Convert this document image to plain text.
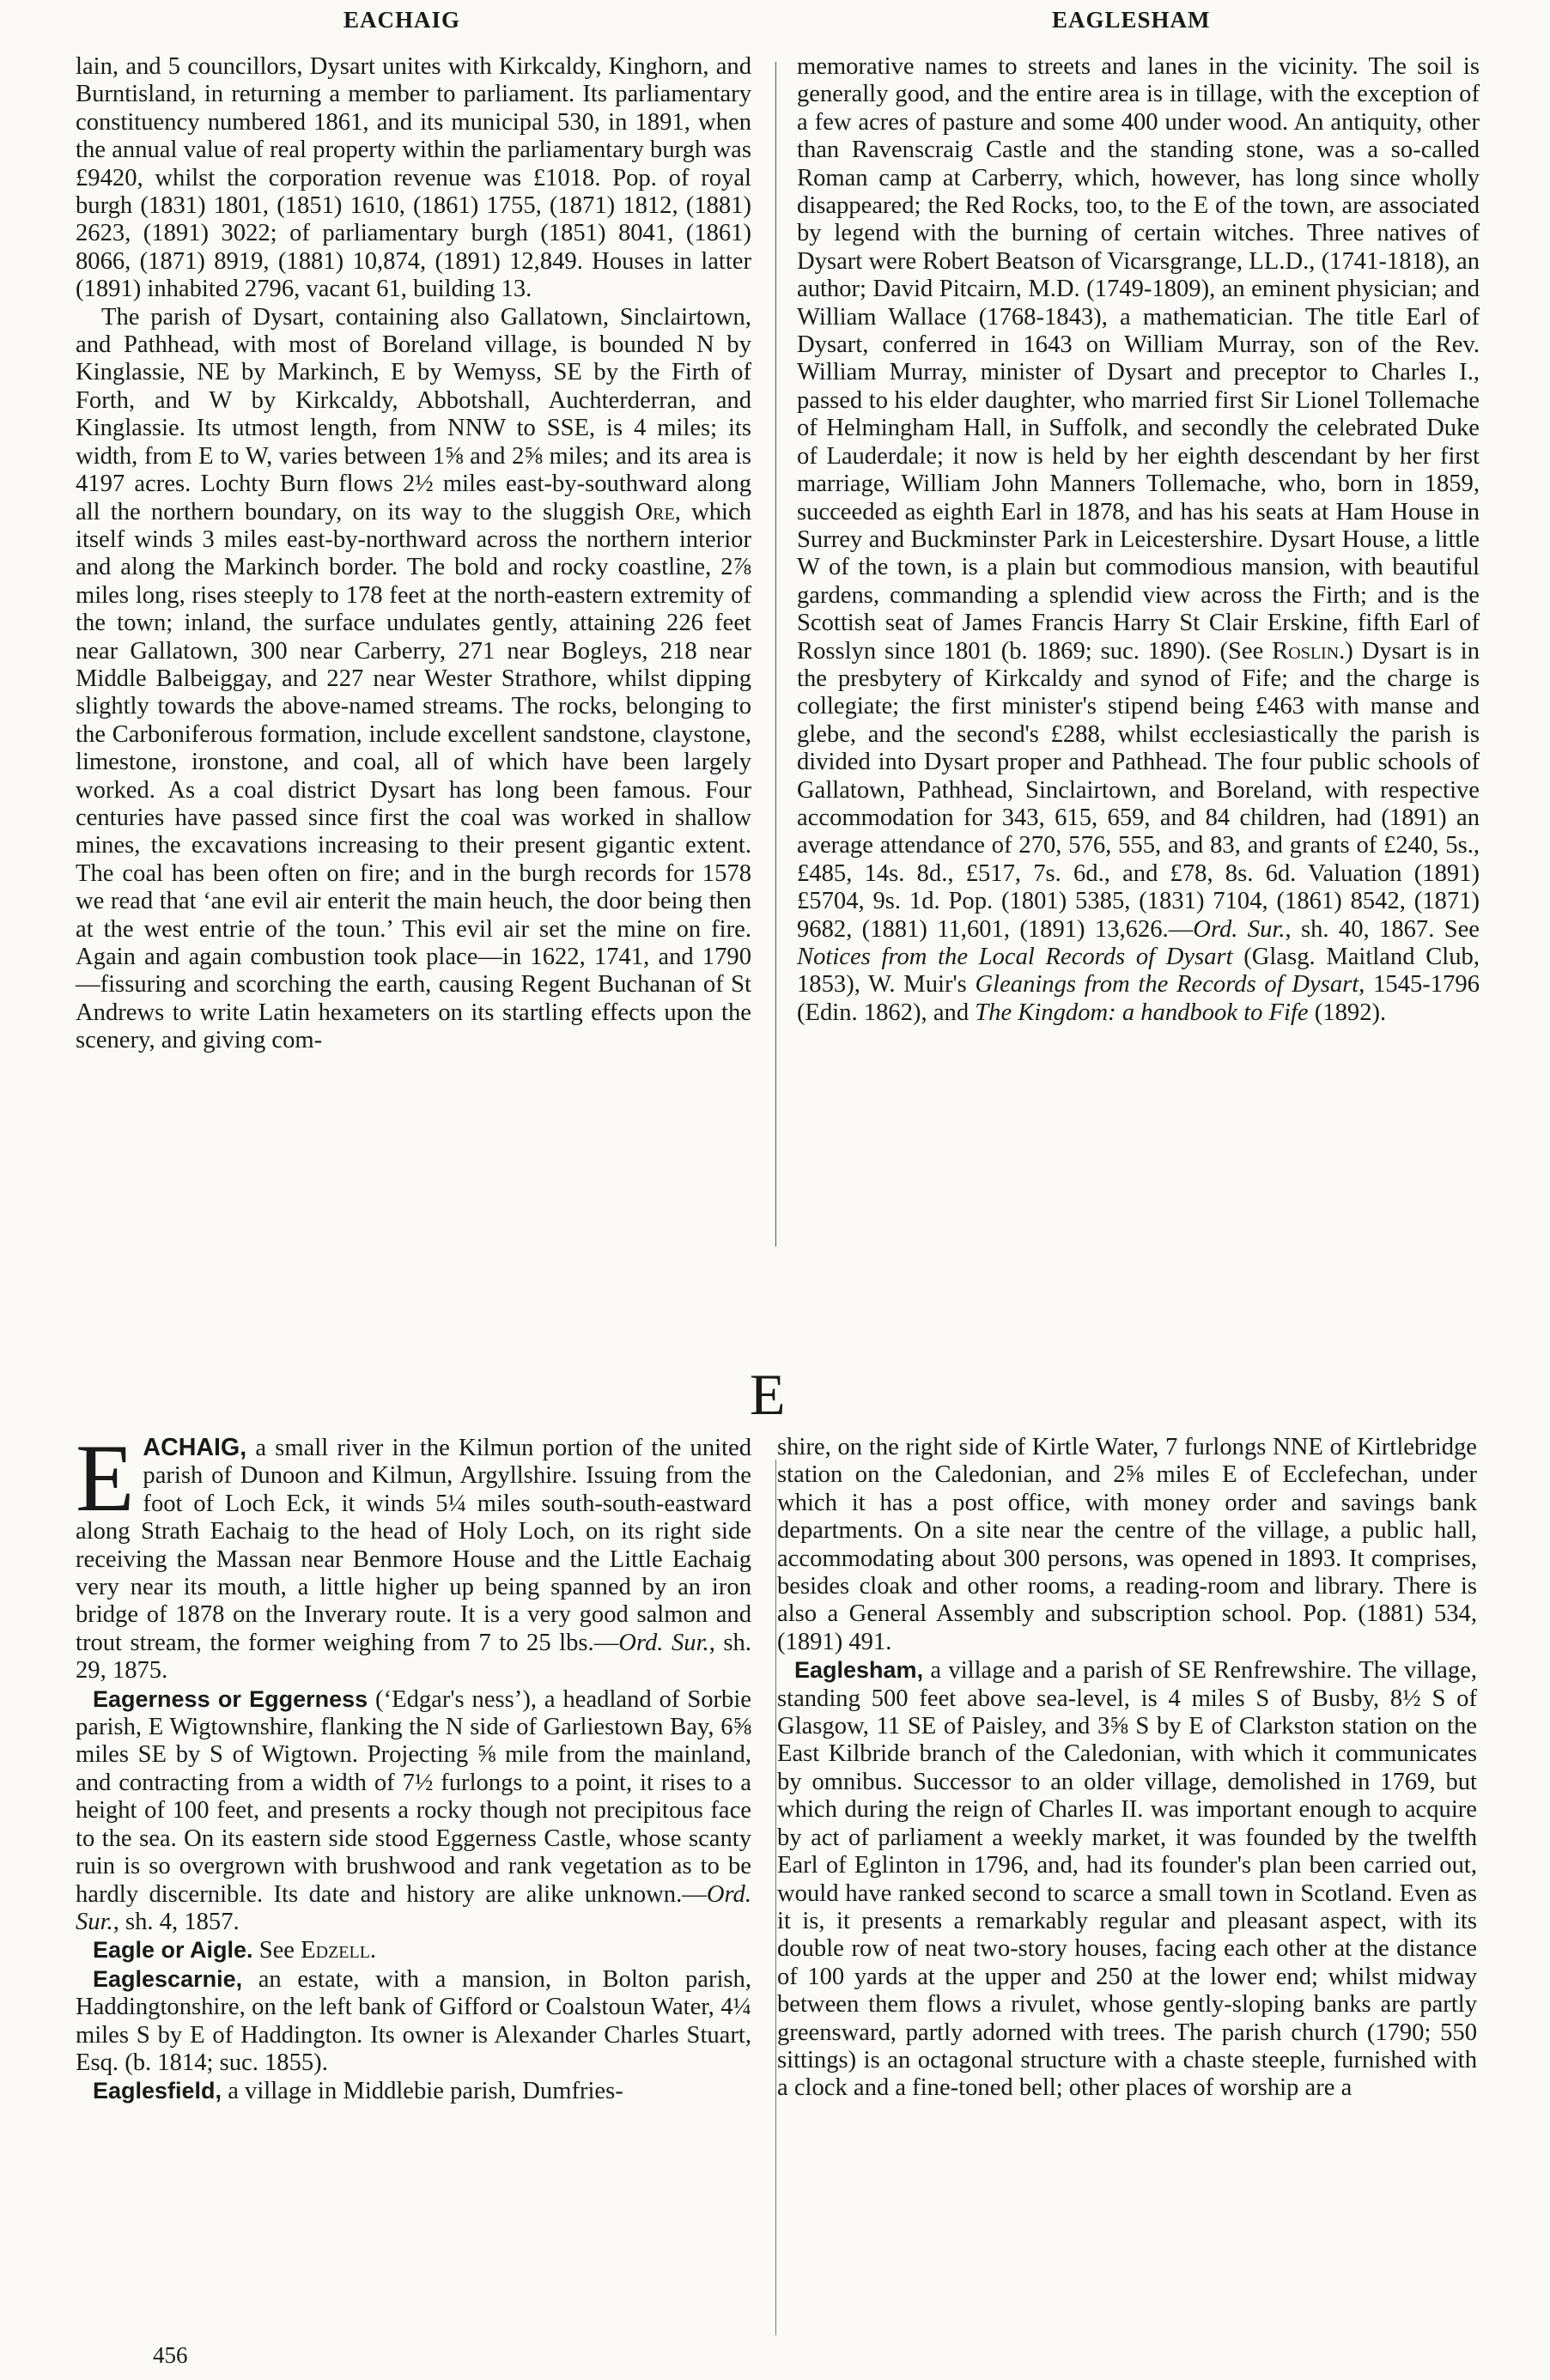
EACHAIG	EAGLESHAM

lain, and 5 councillors, Dysart unites with Kirkcaldy, Kinghorn, and Burntisland, in returning a member to parliament. Its parliamentary constituency numbered 1861, and its municipal 530, in 1891, when the annual value of real property within the parliamentary burgh was £9420, whilst the corporation revenue was £1018. Pop. of royal burgh (1831) 1801, (1851) 1610, (1861) 1755, (1871) 1812, (1881) 2623, (1891) 3022; of parliamentary burgh (1851) 8041, (1861) 8066, (1871) 8919, (1881) 10,874, (1891) 12,849. Houses in latter (1891) inhabited 2796, vacant 61, building 13.

The parish of Dysart, containing also Gallatown, Sinclairtown, and Pathhead, with most of Boreland village, is bounded N by Kinglassie, NE by Markinch, E by Wemyss, SE by the Firth of Forth, and W by Kirkcaldy, Abbotshall, Auchterderran, and Kinglassie. Its utmost length, from NNW to SSE, is 4 miles; its width, from E to W, varies between 1⅝ and 2⅝ miles; and its area is 4197 acres. Lochty Burn flows 2½ miles east-by-southward along all the northern boundary, on its way to the sluggish Ore, which itself winds 3 miles east-by-northward across the northern interior and along the Markinch border. The bold and rocky coastline, 2⅞ miles long, rises steeply to 178 feet at the north-eastern extremity of the town; inland, the surface undulates gently, attaining 226 feet near Gallatown, 300 near Carberry, 271 near Bogleys, 218 near Middle Balbeiggay, and 227 near Wester Strathore, whilst dipping slightly towards the above-named streams. The rocks, belonging to the Carboniferous formation, include excellent sandstone, claystone, limestone, ironstone, and coal, all of which have been largely worked. As a coal district Dysart has long been famous. Four centuries have passed since first the coal was worked in shallow mines, the excavations increasing to their present gigantic extent. The coal has been often on fire; and in the burgh records for 1578 we read that ‘ane evil air enterit the main heuch, the door being then at the west entrie of the toun.’ This evil air set the mine on fire. Again and again combustion took place—in 1622, 1741, and 1790—fissuring and scorching the earth, causing Regent Buchanan of St Andrews to write Latin hexameters on its startling effects upon the scenery, and giving com-

memorative names to streets and lanes in the vicinity. The soil is generally good, and the entire area is in tillage, with the exception of a few acres of pasture and some 400 under wood. An antiquity, other than Ravenscraig Castle and the standing stone, was a so-called Roman camp at Carberry, which, however, has long since wholly disappeared; the Red Rocks, too, to the E of the town, are associated by legend with the burning of certain witches. Three natives of Dysart were Robert Beatson of Vicarsgrange, LL.D., (1741-1818), an author; David Pitcairn, M.D. (1749-1809), an eminent physician; and William Wallace (1768-1843), a mathematician. The title Earl of Dysart, conferred in 1643 on William Murray, son of the Rev. William Murray, minister of Dysart and preceptor to Charles I., passed to his elder daughter, who married first Sir Lionel Tollemache of Helmingham Hall, in Suffolk, and secondly the celebrated Duke of Lauderdale; it now is held by her eighth descendant by her first marriage, William John Manners Tollemache, who, born in 1859, succeeded as eighth Earl in 1878, and has his seats at Ham House in Surrey and Buckminster Park in Leicestershire. Dysart House, a little W of the town, is a plain but commodious mansion, with beautiful gardens, commanding a splendid view across the Firth; and is the Scottish seat of James Francis Harry St Clair Erskine, fifth Earl of Rosslyn since 1801 (b. 1869; suc. 1890). (See Roslin.) Dysart is in the presbytery of Kirkcaldy and synod of Fife; and the charge is collegiate; the first minister's stipend being £463 with manse and glebe, and the second's £288, whilst ecclesiastically the parish is divided into Dysart proper and Pathhead. The four public schools of Gallatown, Pathhead, Sinclairtown, and Boreland, with respective accommodation for 343, 615, 659, and 84 children, had (1891) an average attendance of 270, 576, 555, and 83, and grants of £240, 5s., £485, 14s. 8d., £517, 7s. 6d., and £78, 8s. 6d. Valuation (1891) £5704, 9s. 1d. Pop. (1801) 5385, (1831) 7104, (1861) 8542, (1871) 9682, (1881) 11,601, (1891) 13,626.—Ord. Sur., sh. 40, 1867. See Notices from the Local Records of Dysart (Glasg. Maitland Club, 1853), W. Muir's Gleanings from the Records of Dysart, 1545-1796 (Edin. 1862), and The Kingdom: a handbook to Fife (1892).

E

EACHAIG, a small river in the Kilmun portion of the united parish of Dunoon and Kilmun, Argyllshire. Issuing from the foot of Loch Eck, it winds 5¼ miles south-south-eastward along Strath Eachaig to the head of Holy Loch, on its right side receiving the Massan near Benmore House and the Little Eachaig very near its mouth, a little higher up being spanned by an iron bridge of 1878 on the Inverary route. It is a very good salmon and trout stream, the former weighing from 7 to 25 lbs.—Ord. Sur., sh. 29, 1875.

Eagerness or Eggerness (‘Edgar's ness’), a headland of Sorbie parish, E Wigtownshire, flanking the N side of Garliestown Bay, 6⅝ miles SE by S of Wigtown. Projecting ⅝ mile from the mainland, and contracting from a width of 7½ furlongs to a point, it rises to a height of 100 feet, and presents a rocky though not precipitous face to the sea. On its eastern side stood Eggerness Castle, whose scanty ruin is so overgrown with brushwood and rank vegetation as to be hardly discernible. Its date and history are alike unknown.—Ord. Sur., sh. 4, 1857.

Eagle or Aigle. See Edzell.

Eaglescarnie, an estate, with a mansion, in Bolton parish, Haddingtonshire, on the left bank of Gifford or Coalstoun Water, 4¼ miles S by E of Haddington. Its owner is Alexander Charles Stuart, Esq. (b. 1814; suc. 1855).

Eaglesfield, a village in Middlebie parish, Dumfries-

shire, on the right side of Kirtle Water, 7 furlongs NNE of Kirtlebridge station on the Caledonian, and 2⅝ miles E of Ecclefechan, under which it has a post office, with money order and savings bank departments. On a site near the centre of the village, a public hall, accommodating about 300 persons, was opened in 1893. It comprises, besides cloak and other rooms, a reading-room and library. There is also a General Assembly and subscription school. Pop. (1881) 534, (1891) 491.

Eaglesham, a village and a parish of SE Renfrewshire. The village, standing 500 feet above sea-level, is 4 miles S of Busby, 8½ S of Glasgow, 11 SE of Paisley, and 3⅝ S by E of Clarkston station on the East Kilbride branch of the Caledonian, with which it communicates by omnibus. Successor to an older village, demolished in 1769, but which during the reign of Charles II. was important enough to acquire by act of parliament a weekly market, it was founded by the twelfth Earl of Eglinton in 1796, and, had its founder's plan been carried out, would have ranked second to scarce a small town in Scotland. Even as it is, it presents a remarkably regular and pleasant aspect, with its double row of neat two-story houses, facing each other at the distance of 100 yards at the upper and 250 at the lower end; whilst midway between them flows a rivulet, whose gently-sloping banks are partly greensward, partly adorned with trees. The parish church (1790; 550 sittings) is an octagonal structure with a chaste steeple, furnished with a clock and a fine-toned bell; other places of worship are a

456
